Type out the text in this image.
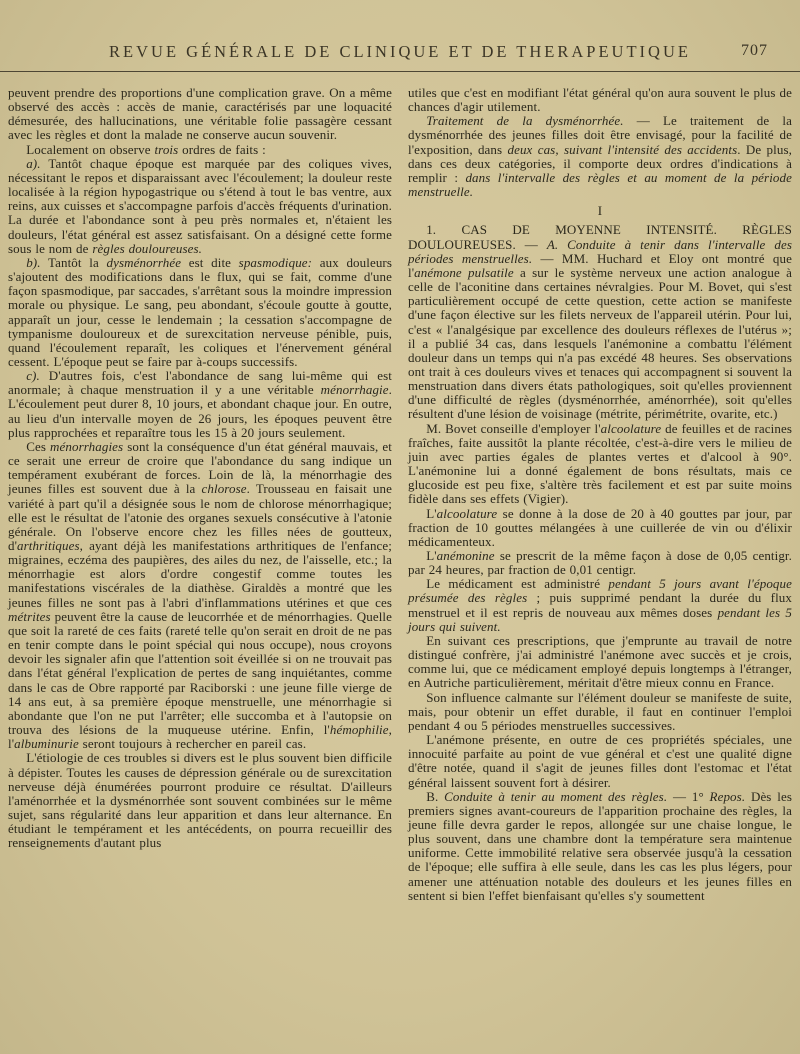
REVUE GÉNÉRALE DE CLINIQUE ET DE THERAPEUTIQUE	707

peuvent prendre des proportions d'une complication grave. On a même observé des accès : accès de manie, caractérisés par une loquacité démesurée, des hallucinations, une véritable folie passagère cessant avec les règles et dont la malade ne conserve aucun souvenir.

Localement on observe trois ordres de faits :

a). Tantôt chaque époque est marquée par des coliques vives, nécessitant le repos et disparaissant avec l'écoulement; la douleur reste localisée à la région hypogastrique ou s'étend à tout le bas ventre, aux reins, aux cuisses et s'accompagne parfois d'accès fréquents d'urination. La durée et l'abondance sont à peu près normales et, n'étaient les douleurs, l'état général est assez satisfaisant. On a désigné cette forme sous le nom de règles douloureuses.

b). Tantôt la dysménorrhée est dite spasmodique: aux douleurs s'ajoutent des modifications dans le flux, qui se fait, comme d'une façon spasmodique, par saccades, s'arrêtant sous la moindre impression morale ou physique. Le sang, peu abondant, s'écoule goutte à goutte, apparaît un jour, cesse le lendemain ; la cessation s'accompagne de tympanisme douloureux et de surexcitation nerveuse pénible, puis, quand l'écoulement reparaît, les coliques et l'énervement général cessent. L'époque peut se faire par à-coups successifs.

c). D'autres fois, c'est l'abondance de sang lui-même qui est anormale; à chaque menstruation il y a une véritable ménorrhagie. L'écoulement peut durer 8, 10 jours, et abondant chaque jour. En outre, au lieu d'un intervalle moyen de 26 jours, les époques peuvent être plus rapprochées et reparaître tous les 15 à 20 jours seulement.

Ces ménorrhagies sont la conséquence d'un état général mauvais, et ce serait une erreur de croire que l'abondance du sang indique un tempérament exubérant de forces. Loin de là, la ménorrhagie des jeunes filles est souvent due à la chlorose. Trousseau en faisait une variété à part qu'il a désignée sous le nom de chlorose ménorrhagique; elle est le résultat de l'atonie des organes sexuels consécutive à l'atonie générale. On l'observe encore chez les filles nées de goutteux, d'arthritiques, ayant déjà les manifestations arthritiques de l'enfance; migraines, eczéma des paupières, des ailes du nez, de l'aisselle, etc.; la ménorrhagie est alors d'ordre congestif comme toutes les manifestations viscérales de la diathèse. Giraldès a montré que les jeunes filles ne sont pas à l'abri d'inflammations utérines et que ces métrites peuvent être la cause de leucorrhée et de ménorrhagies. Quelle que soit la rareté de ces faits (rareté telle qu'on serait en droit de ne pas en tenir compte dans le point spécial qui nous occupe), nous croyons devoir les signaler afin que l'attention soit éveillée si on ne trouvait pas dans l'état général l'explication de pertes de sang inquiétantes, comme dans le cas de Obre rapporté par Raciborski : une jeune fille vierge de 14 ans eut, à sa première époque menstruelle, une ménorrhagie si abondante que l'on ne put l'arrêter; elle succomba et à l'autopsie on trouva des lésions de la muqueuse utérine. Enfin, l'hémophilie, l'albuminurie seront toujours à rechercher en pareil cas.

L'étiologie de ces troubles si divers est le plus souvent bien difficile à dépister. Toutes les causes de dépression générale ou de surexcitation nerveuse déjà énumérées pourront produire ce résultat. D'ailleurs l'aménorrhée et la dysménorrhée sont souvent combinées sur le même sujet, sans régularité dans leur apparition et dans leur alternance. En étudiant le tempérament et les antécédents, on pourra recueillir des renseignements d'autant plus

utiles que c'est en modifiant l'état général qu'on aura souvent le plus de chances d'agir utilement.

Traitement de la dysménorrhée. — Le traitement de la dysménorrhée des jeunes filles doit être envisagé, pour la facilité de l'exposition, dans deux cas, suivant l'intensité des accidents. De plus, dans ces deux catégories, il comporte deux ordres d'indications à remplir : dans l'intervalle des règles et au moment de la période menstruelle.

I

1. CAS DE MOYENNE INTENSITÉ. RÈGLES DOULOUREUSES. — A. Conduite à tenir dans l'intervalle des périodes menstruelles. — MM. Huchard et Eloy ont montré que l'anémone pulsatile a sur le système nerveux une action analogue à celle de l'aconitine dans certaines névralgies. Pour M. Bovet, qui s'est particulièrement occupé de cette question, cette action se manifeste d'une façon élective sur les filets nerveux de l'appareil utérin. Pour lui, c'est « l'analgésique par excellence des douleurs réflexes de l'utérus »; il a publié 34 cas, dans lesquels l'anémonine a combattu l'élément douleur dans un temps qui n'a pas excédé 48 heures. Ses observations ont trait à ces douleurs vives et tenaces qui accompagnent si souvent la menstruation dans divers états pathologiques, soit qu'elles proviennent d'une difficulté de règles (dysménorrhée, aménorrhée), soit qu'elles résultent d'une lésion de voisinage (métrite, périmétrite, ovarite, etc.)

M. Bovet conseille d'employer l'alcoolature de feuilles et de racines fraîches, faite aussitôt la plante récoltée, c'est-à-dire vers le milieu de juin avec parties égales de plantes vertes et d'alcool à 90°. L'anémonine lui a donné également de bons résultats, mais ce glucoside est peu fixe, s'altère très facilement et est par suite moins fidèle dans ses effets (Vigier).

L'alcoolature se donne à la dose de 20 à 40 gouttes par jour, par fraction de 10 gouttes mélangées à une cuillerée de vin ou d'élixir médicamenteux.

L'anémonine se prescrit de la même façon à dose de 0,05 centigr. par 24 heures, par fraction de 0,01 centigr.

Le médicament est administré pendant 5 jours avant l'époque présumée des règles ; puis supprimé pendant la durée du flux menstruel et il est repris de nouveau aux mêmes doses pendant les 5 jours qui suivent.

En suivant ces prescriptions, que j'emprunte au travail de notre distingué confrère, j'ai administré l'anémone avec succès et je crois, comme lui, que ce médicament employé depuis longtemps à l'étranger, en Autriche particulièrement, méritait d'être mieux connu en France.

Son influence calmante sur l'élément douleur se manifeste de suite, mais, pour obtenir un effet durable, il faut en continuer l'emploi pendant 4 ou 5 périodes menstruelles successives.

L'anémone présente, en outre de ces propriétés spéciales, une innocuité parfaite au point de vue général et c'est une qualité digne d'être notée, quand il s'agit de jeunes filles dont l'estomac et l'état général laissent souvent fort à désirer.

B. Conduite à tenir au moment des règles. — 1° Repos. Dès les premiers signes avant-coureurs de l'apparition prochaine des règles, la jeune fille devra garder le repos, allongée sur une chaise longue, le plus souvent, dans une chambre dont la température sera maintenue uniforme. Cette immobilité relative sera observée jusqu'à la cessation de l'époque; elle suffira à elle seule, dans les cas les plus légers, pour amener une atténuation notable des douleurs et les jeunes filles en sentent si bien l'effet bienfaisant qu'elles s'y soumettent
